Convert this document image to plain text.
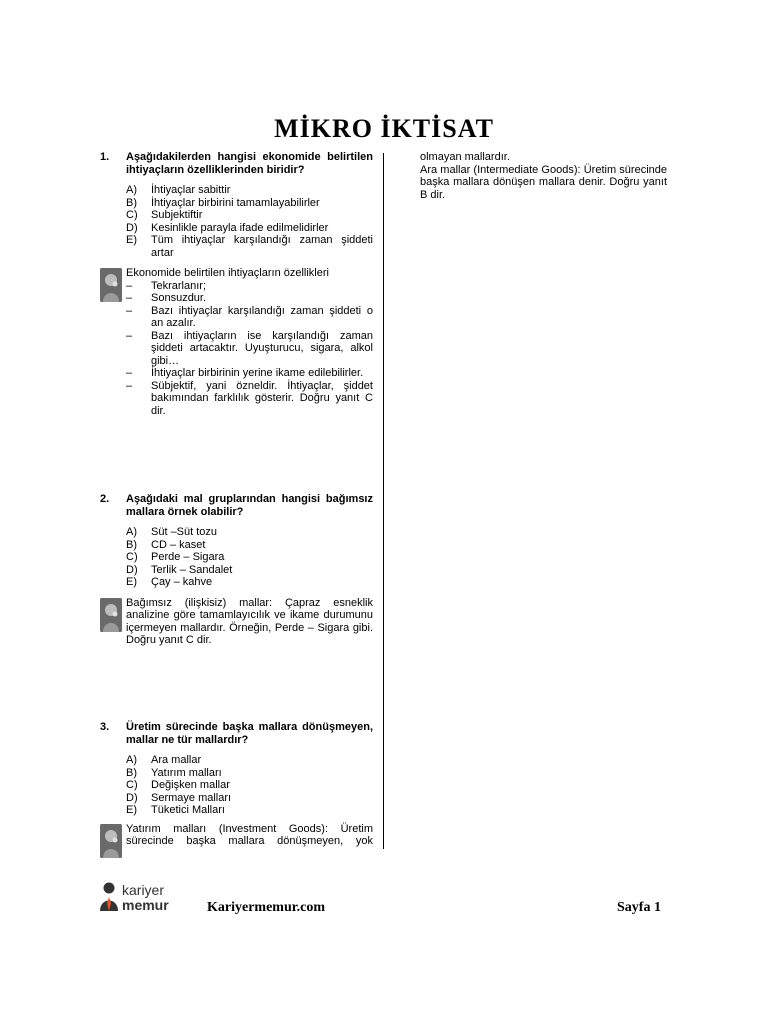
MİKRO İKTİSAT
1.	Aşağıdakilerden hangisi ekonomide belirtilen ihtiyaçların özelliklerinden biridir?
A)	İhtiyaçlar sabittir
B)	İhtiyaçlar birbirini tamamlayabilirler
C)	Subjektiftir
D)	Kesinlikle parayla ifade edilmelidirler
E)	Tüm ihtiyaçlar karşılandığı zaman şiddeti artar
Ekonomide belirtilen ihtiyaçların özellikleri
–	Tekrarlanır;
–	Sonsuzdur.
–	Bazı ihtiyaçlar karşılandığı zaman şiddeti o an azalır.
–	Bazı ihtiyaçların ise karşılandığı zaman şiddeti artacaktır. Uyuşturucu, sigara, alkol gibi…
–	İhtiyaçlar birbirinin yerine ikame edilebilirler.
–	Sübjektif, yani özneldir. İhtiyaçlar, şiddet bakımından farklılık gösterir. Doğru yanıt C dir.
2.	Aşağıdaki mal gruplarından hangisi bağımsız mallara örnek olabilir?
A)	Süt –Süt tozu
B)	CD – kaset
C)	Perde – Sigara
D)	Terlik – Sandalet
E)	Çay – kahve
Bağımsız (ilişkisiz) mallar: Çapraz esneklik analizine göre tamamlayıcılık ve ikame durumunu içermeyen mallardır. Örneğin, Perde – Sigara gibi. Doğru yanıt C dir.
3.	Üretim sürecinde başka mallara dönüşmeyen, mallar ne tür mallardır?
A)	Ara mallar
B)	Yatırım malları
C)	Değişken mallar
D)	Sermaye malları
E)	Tüketici Malları
Yatırım malları (Investment Goods): Üretim sürecinde başka mallara dönüşmeyen, yok

olmayan mallardır.

Ara mallar (Intermediate Goods): Üretim sürecinde başka mallara dönüşen mallara denir. Doğru yanıt B dir.

kariyer
memur	Kariyermemur.com	Sayfa 1
